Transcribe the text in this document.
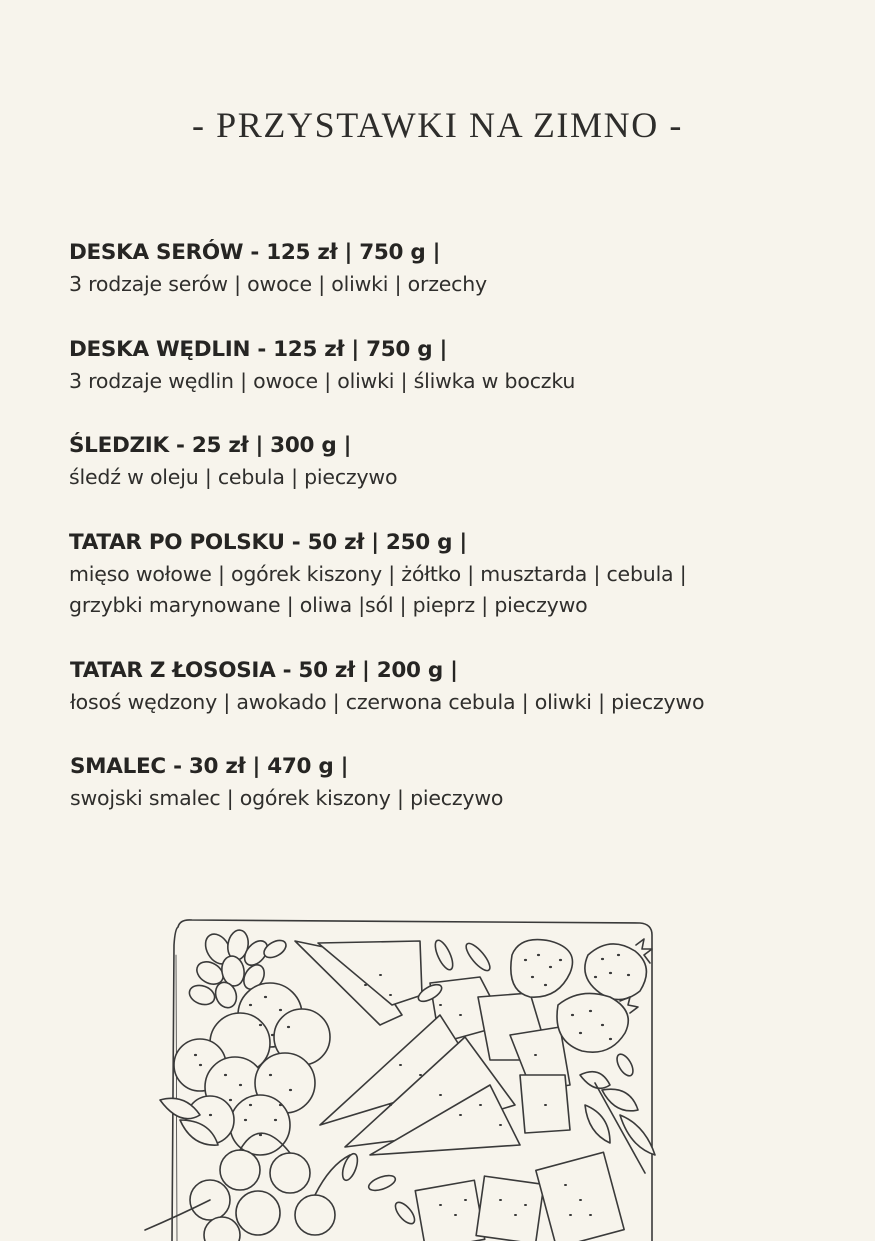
- PRZYSTAWKI NA ZIMNO -
DESKA SERÓW - 125 zł | 750 g |
3 rodzaje serów | owoce | oliwki | orzechy
DESKA WĘDLIN - 125 zł | 750 g |
3 rodzaje wędlin | owoce | oliwki | śliwka w boczku
ŚLEDZIK - 25 zł | 300 g |
śledź w oleju | cebula | pieczywo
TATAR PO POLSKU - 50 zł | 250 g |
mięso wołowe | ogórek kiszony | żółtko | musztarda | cebula |
grzybki marynowane | oliwa |sól | pieprz | pieczywo
TATAR Z ŁOSOSIA - 50 zł | 200 g |
łosoś wędzony | awokado | czerwona cebula | oliwki | pieczywo
SMALEC - 30 zł | 470 g |
swojski smalec | ogórek kiszony | pieczywo
